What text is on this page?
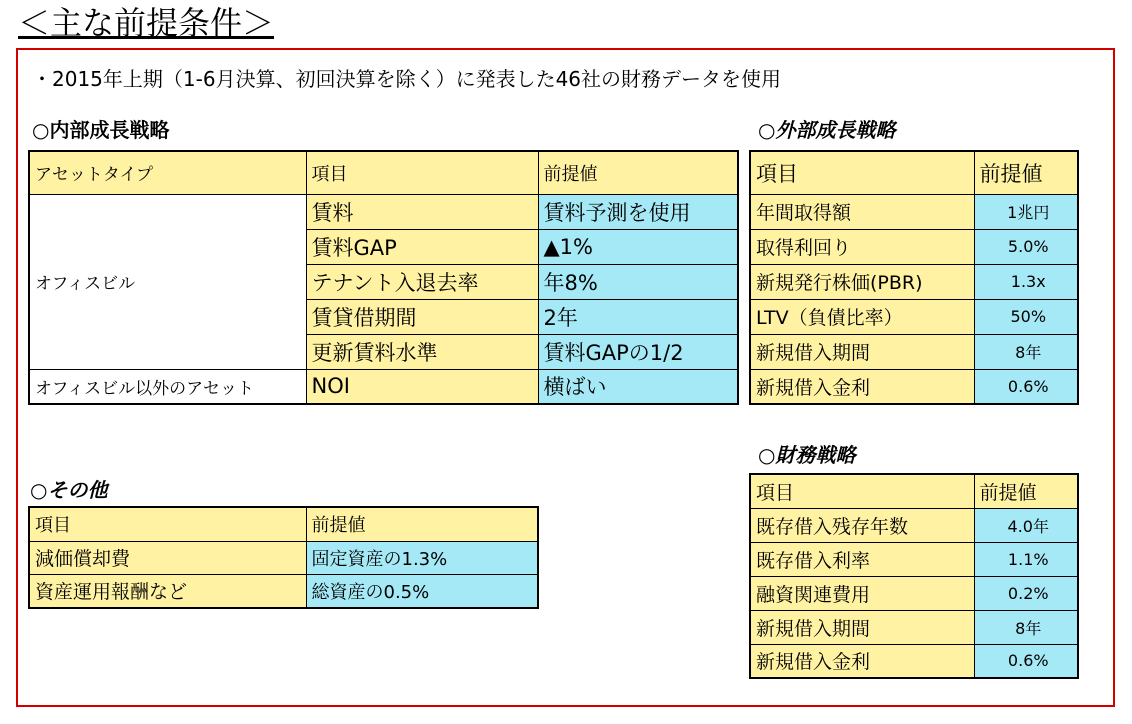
＜主な前提条件＞
・2015年上期（1-6月決算、初回決算を除く）に発表した46社の財務データを使用
○内部成長戦略
アセットタイプ	項目	前提値
オフィスビル	賃料	賃料予測を使用
	賃料GAP	▲1%
	テナント入退去率	年8%
	賃貸借期間	2年
	更新賃料水準	賃料GAPの1/2
オフィスビル以外のアセット	NOI	横ばい
○外部成長戦略
項目	前提値
年間取得額	1兆円
取得利回り	5.0%
新規発行株価(PBR)	1.3x
LTV（負債比率）	50%
新規借入期間	8年
新規借入金利	0.6%
○財務戦略
項目	前提値
既存借入残存年数	4.0年
既存借入利率	1.1%
融資関連費用	0.2%
新規借入期間	8年
新規借入金利	0.6%
○その他
項目	前提値
減価償却費	固定資産の1.3%
資産運用報酬など	総資産の0.5%
